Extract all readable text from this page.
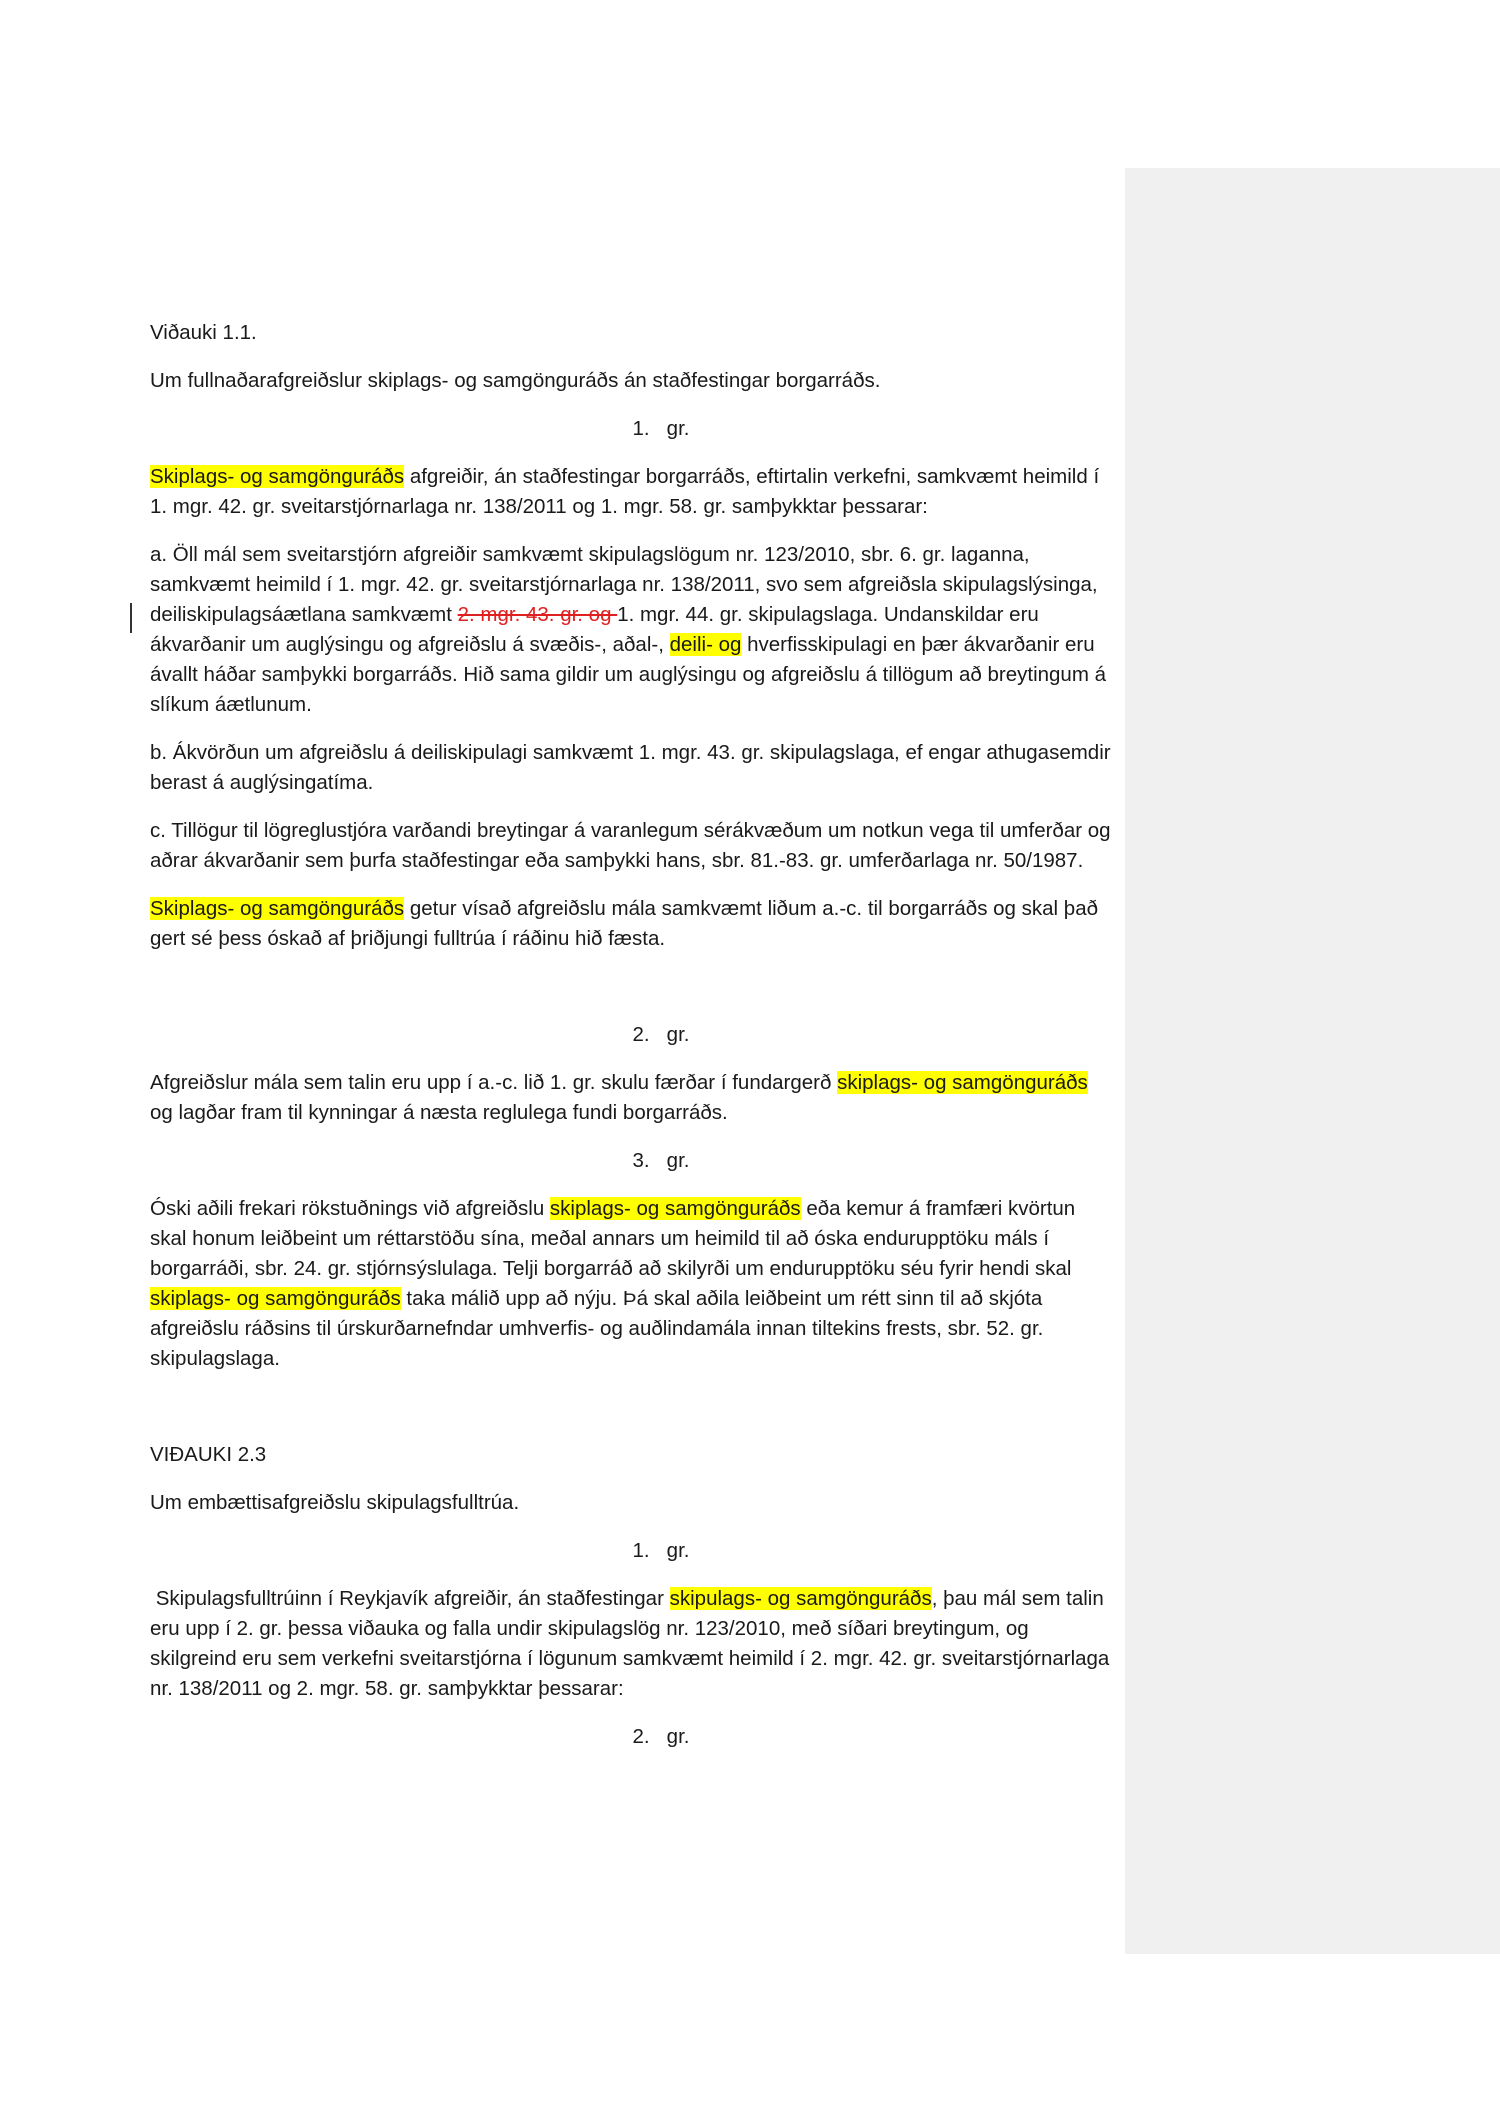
Viðauki 1.1.

Um fullnaðarafgreiðslur skiplags- og samgönguráðs án staðfestingar borgarráðs.

1.   gr.

Skiplags- og samgönguráðs afgreiðir, án staðfestingar borgarráðs, eftirtalin verkefni, samkvæmt heimild í 1. mgr. 42. gr. sveitarstjórnarlaga nr. 138/2011 og 1. mgr. 58. gr. samþykktar þessarar:

a. Öll mál sem sveitarstjórn afgreiðir samkvæmt skipulagslögum nr. 123/2010, sbr. 6. gr. laganna, samkvæmt heimild í 1. mgr. 42. gr. sveitarstjórnarlaga nr. 138/2011, svo sem afgreiðsla skipulagslýsinga, deiliskipulagsáætlana samkvæmt 2. mgr. 43. gr. og 1. mgr. 44. gr. skipulagslaga. Undanskildar eru ákvarðanir um auglýsingu og afgreiðslu á svæðis-, aðal-, deili- og hverfisskipulagi en þær ákvarðanir eru ávallt háðar samþykki borgarráðs. Hið sama gildir um auglýsingu og afgreiðslu á tillögum að breytingum á slíkum áætlunum.

b. Ákvörðun um afgreiðslu á deiliskipulagi samkvæmt 1. mgr. 43. gr. skipulagslaga, ef engar athugasemdir berast á auglýsingatíma.

c. Tillögur til lögreglustjóra varðandi breytingar á varanlegum sérákvæðum um notkun vega til umferðar og aðrar ákvarðanir sem þurfa staðfestingar eða samþykki hans, sbr. 81.-83. gr. umferðarlaga nr. 50/1987.

Skiplags- og samgönguráðs getur vísað afgreiðslu mála samkvæmt liðum a.-c. til borgarráðs og skal það gert sé þess óskað af þriðjungi fulltrúa í ráðinu hið fæsta.

2.   gr.

Afgreiðslur mála sem talin eru upp í a.-c. lið 1. gr. skulu færðar í fundargerð skiplags- og samgönguráðs og lagðar fram til kynningar á næsta reglulega fundi borgarráðs.

3.   gr.

Óski aðili frekari rökstuðnings við afgreiðslu skiplags- og samgönguráðs eða kemur á framfæri kvörtun skal honum leiðbeint um réttarstöðu sína, meðal annars um heimild til að óska endurupptöku máls í borgarráði, sbr. 24. gr. stjórnsýslulaga. Telji borgarráð að skilyrði um endurupptöku séu fyrir hendi skal skiplags- og samgönguráðs taka málið upp að nýju. Þá skal aðila leiðbeint um rétt sinn til að skjóta afgreiðslu ráðsins til úrskurðarnefndar umhverfis- og auðlindamála innan tiltekins frests, sbr. 52. gr. skipulagslaga.

VIÐAUKI 2.3

Um embættisafgreiðslu skipulagsfulltrúa.

1.   gr.

Skipulagsfulltrúinn í Reykjavík afgreiðir, án staðfestingar skipulags- og samgönguráðs, þau mál sem talin eru upp í 2. gr. þessa viðauka og falla undir skipulagslög nr. 123/2010, með síðari breytingum, og skilgreind eru sem verkefni sveitarstjórna í lögunum samkvæmt heimild í 2. mgr. 42. gr. sveitarstjórnarlaga nr. 138/2011 og 2. mgr. 58. gr. samþykktar þessarar:

2.   gr.
